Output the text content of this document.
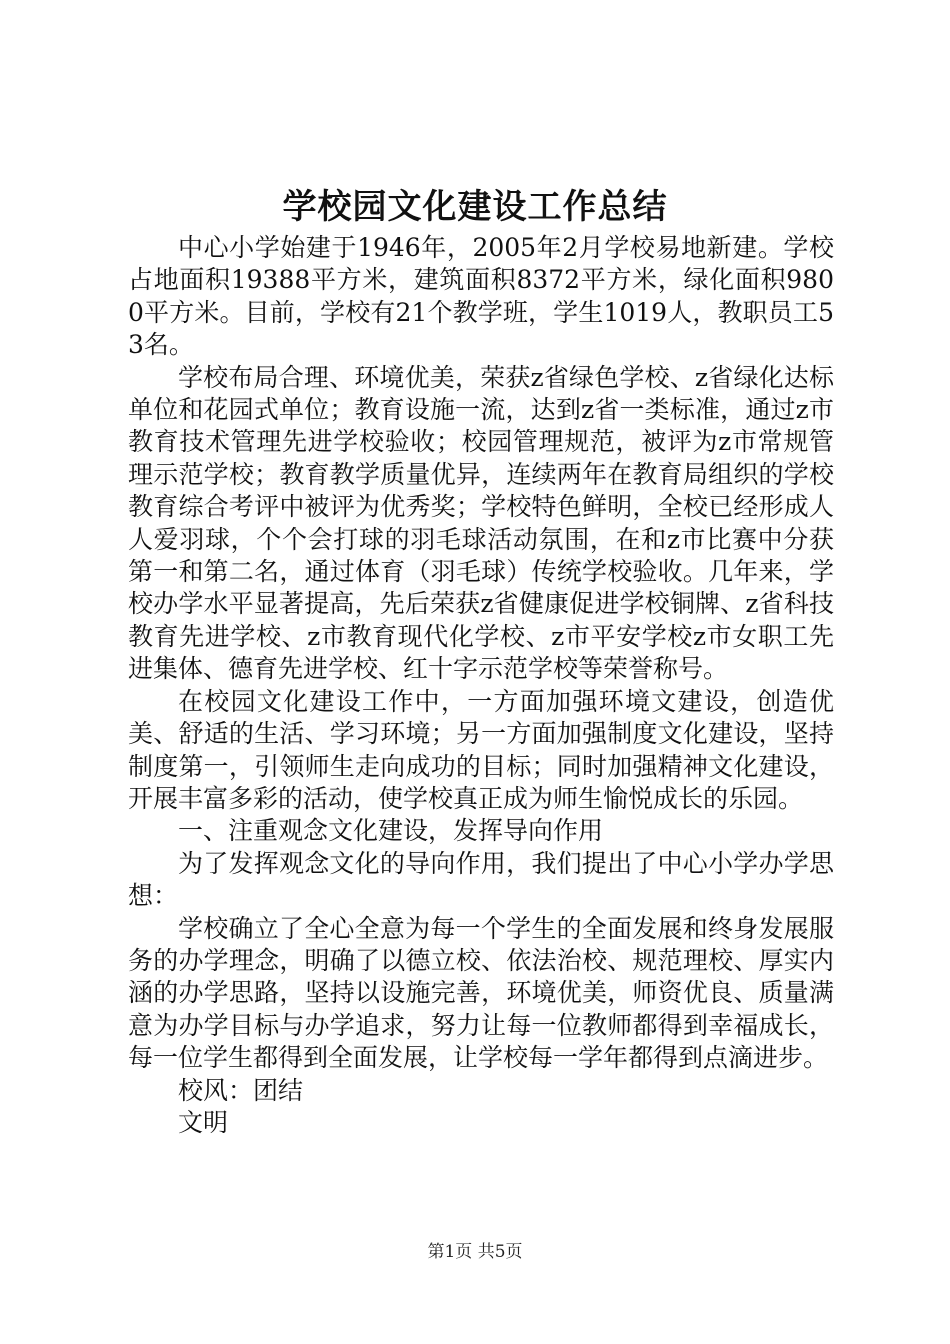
学校园文化建设工作总结

中心小学始建于1946年，2005年2月学校易地新建。学校占地面积19388平方米，建筑面积8372平方米，绿化面积9800平方米。目前，学校有21个教学班，学生1019人，教职员工53名。

学校布局合理、环境优美，荣获z省绿色学校、z省绿化达标单位和花园式单位；教育设施一流，达到z省一类标准，通过z市教育技术管理先进学校验收；校园管理规范，被评为z市常规管理示范学校；教育教学质量优异，连续两年在教育局组织的学校教育综合考评中被评为优秀奖；学校特色鲜明，全校已经形成人人爱羽球，个个会打球的羽毛球活动氛围，在和z市比赛中分获第一和第二名，通过体育（羽毛球）传统学校验收。几年来，学校办学水平显著提高，先后荣获z省健康促进学校铜牌、z省科技教育先进学校、z市教育现代化学校、z市平安学校z市女职工先进集体、德育先进学校、红十字示范学校等荣誉称号。

在校园文化建设工作中，一方面加强环境文建设，创造优美、舒适的生活、学习环境；另一方面加强制度文化建设，坚持制度第一，引领师生走向成功的目标；同时加强精神文化建设，开展丰富多彩的活动，使学校真正成为师生愉悦成长的乐园。

一、注重观念文化建设，发挥导向作用

为了发挥观念文化的导向作用，我们提出了中心小学办学思想：

学校确立了全心全意为每一个学生的全面发展和终身发展服务的办学理念，明确了以德立校、依法治校、规范理校、厚实内涵的办学思路，坚持以设施完善，环境优美，师资优良、质量满意为办学目标与办学追求，努力让每一位教师都得到幸福成长，每一位学生都得到全面发展，让学校每一学年都得到点滴进步。

校风：团结

文明

第1页 共5页
